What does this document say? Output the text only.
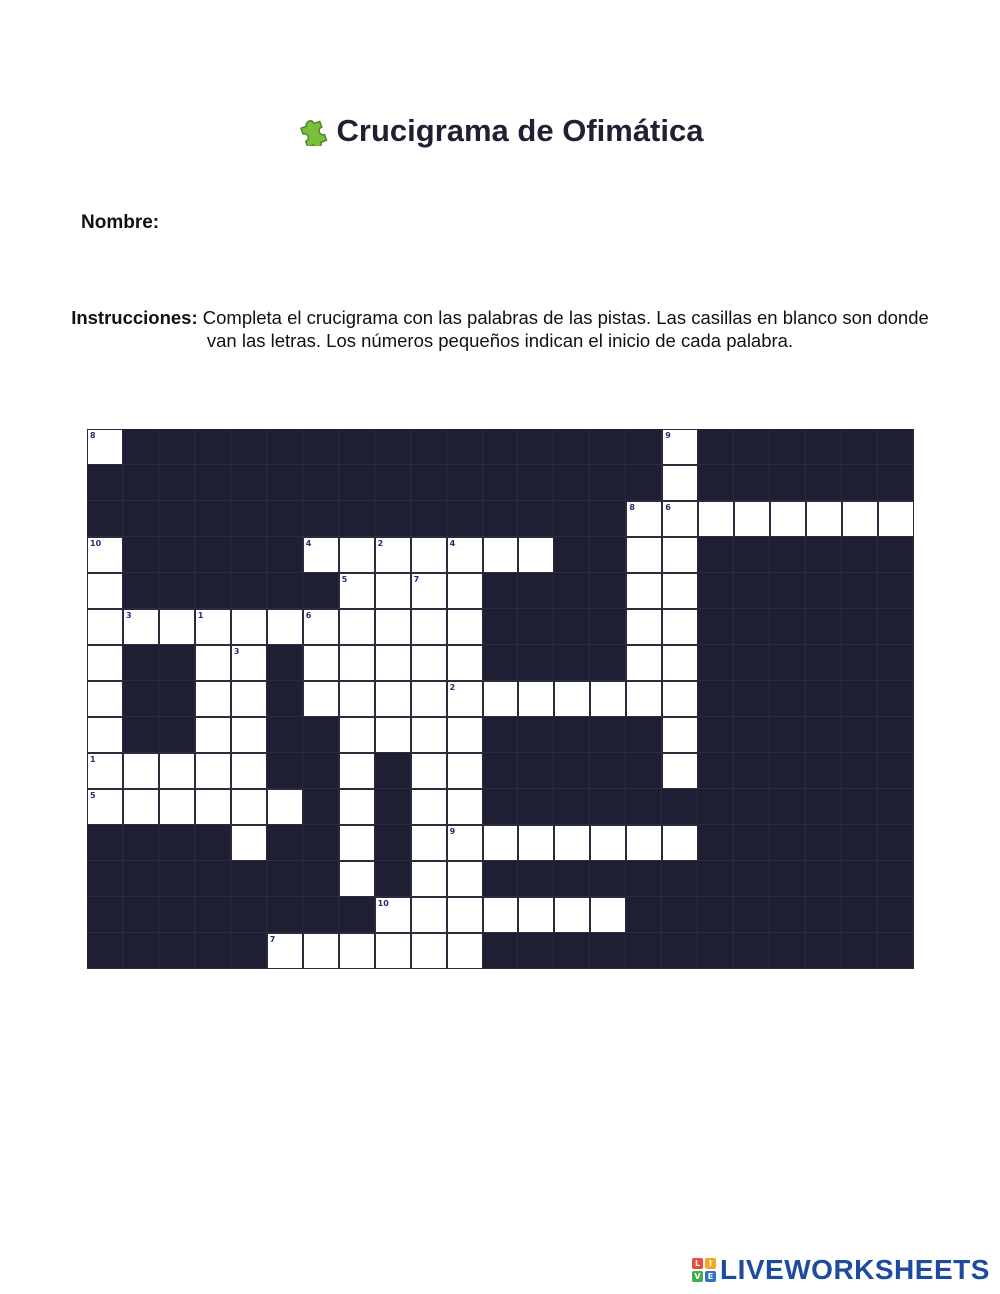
Crucigrama de Ofimática
Nombre:
Instrucciones: Completa el crucigrama con las palabras de las pistas. Las casillas en blanco son donde van las letras. Los números pequeños indican el inicio de cada palabra.
8	9
8	6
10	4	2	4
5	7
3	1	6
3
2
1
5
9
10
7
L	I
V E LIVEWORKSHEETS
